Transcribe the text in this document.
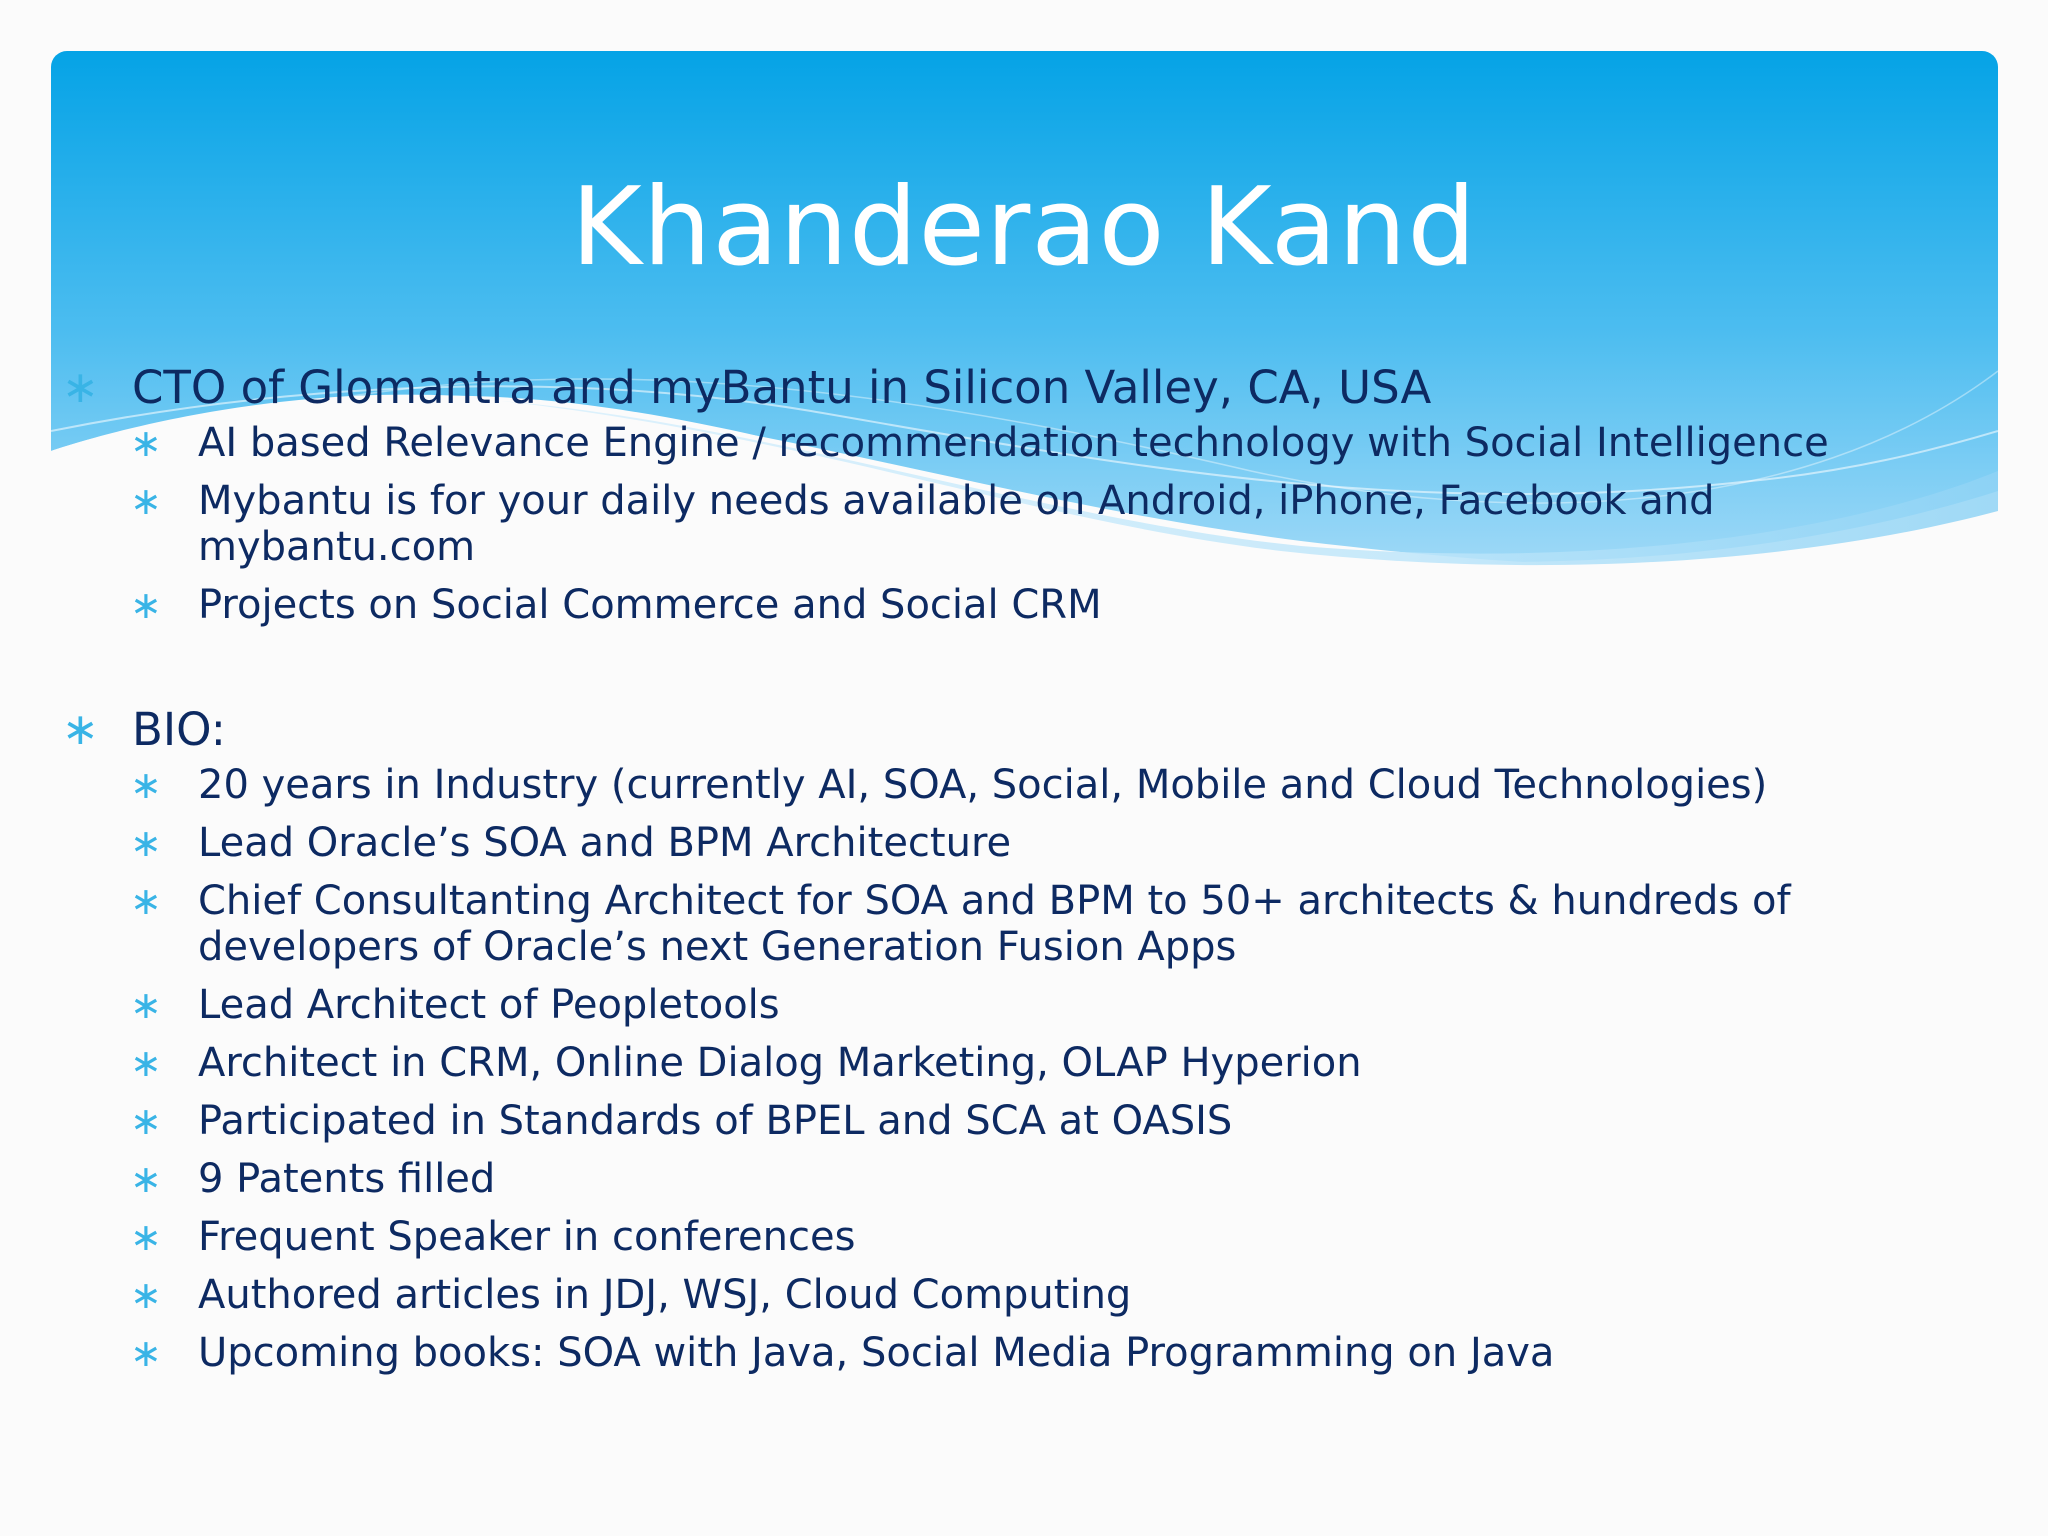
Khanderao Kand
∗ CTO of Glomantra and myBantu in Silicon Valley, CA, USA
∗ AI based Relevance Engine / recommendation technology with Social Intelligence
∗ Mybantu is for your daily needs available on Android, iPhone, Facebook and mybantu.com
∗ Projects on Social Commerce and Social CRM
∗ BIO:
∗ 20 years in Industry (currently AI, SOA, Social, Mobile and Cloud Technologies)
∗ Lead Oracle’s SOA and BPM Architecture
∗ Chief Consultanting Architect for SOA and BPM to 50+ architects & hundreds of developers of Oracle’s next Generation Fusion Apps
∗ Lead Architect of Peopletools
∗ Architect in CRM, Online Dialog Marketing, OLAP Hyperion
∗ Participated in Standards of BPEL and SCA at OASIS
∗ 9 Patents filled
∗ Frequent Speaker in conferences
∗ Authored articles in JDJ, WSJ, Cloud Computing
∗ Upcoming books: SOA with Java, Social Media Programming on Java
